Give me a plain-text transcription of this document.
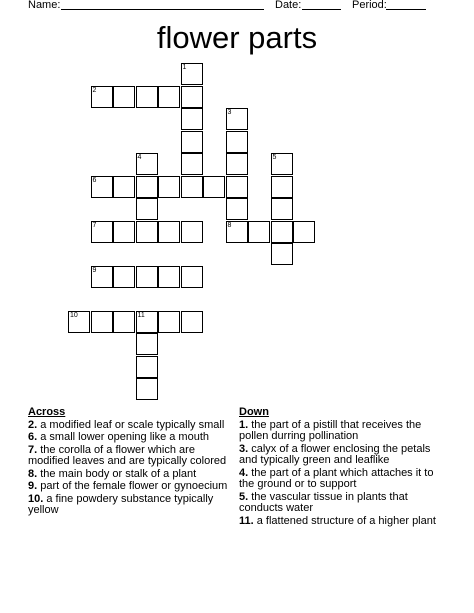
Name:	Date:	Period:
flower parts
1
2
3
4	5
6
7	8
9
10	11
Across
2. a modified leaf or scale typically small
6. a small lower opening like a mouth
7. the corolla of a flower which are modified leaves and are typically colored
8. the main body or stalk of a plant
9. part of the female flower or gynoecium
10. a fine powdery substance typically yellow
Down
1. the part of a pistill that receives the pollen durring pollination
3. calyx of a flower enclosing the petals and typically green and leaflike
4. the part of a plant which attaches it to the ground or to support
5. the vascular tissue in plants that conducts water
11. a flattened structure of a higher plant
